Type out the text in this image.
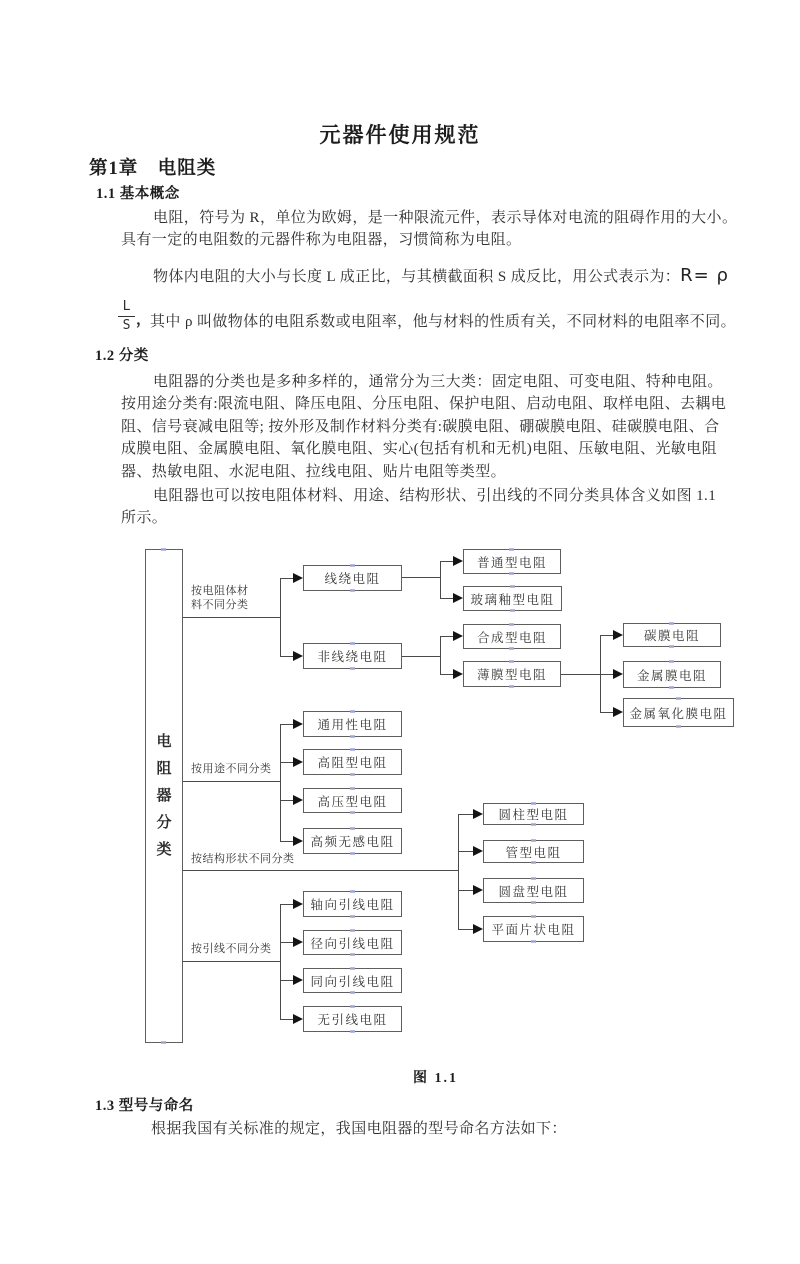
元器件使用规范
第1章　电阻类
1.1 基本概念
电阻，符号为 R，单位为欧姆，是一种限流元件，表示导体对电流的阻碍作用的大小。
具有一定的电阻数的元器件称为电阻器，习惯简称为电阻。
物体内电阻的大小与长度 L 成正比，与其横截面积 S 成反比，用公式表示为：R= ρ
$\frac{L}{S}$ ，
其中 ρ 叫做物体的电阻系数或电阻率，他与材料的性质有关，不同材料的电阻率不同。
1.2 分类
电阻器的分类也是多种多样的，通常分为三大类：固定电阻、可变电阻、特种电阻。
按用途分类有:限流电阻、降压电阻、分压电阻、保护电阻、启动电阻、取样电阻、去耦电
阻、信号衰减电阻等; 按外形及制作材料分类有:碳膜电阻、硼碳膜电阻、硅碳膜电阻、合
成膜电阻、金属膜电阻、氧化膜电阻、实心(包括有机和无机)电阻、压敏电阻、光敏电阻
器、热敏电阻、水泥电阻、拉线电阻、贴片电阻等类型。
电阻器也可以按电阻体材料、用途、结构形状、引出线的不同分类具体含义如图 1.1
所示。
电阻器分类
线绕电阻
非线绕电阻
普通型电阻
玻璃釉型电阻
合成型电阻
薄膜型电阻
碳膜电阻
金属膜电阻
金属氧化膜电阻
通用性电阻
高阻型电阻
高压型电阻
高频无感电阻
圆柱型电阻
管型电阻
圆盘型电阻
平面片状电阻
轴向引线电阻
径向引线电阻
同向引线电阻
无引线电阻
按电阻体材
料不同分类
按用途不同分类
按结构形状不同分类
按引线不同分类
图 1.1
1.3 型号与命名
根据我国有关标准的规定，我国电阻器的型号命名方法如下：
